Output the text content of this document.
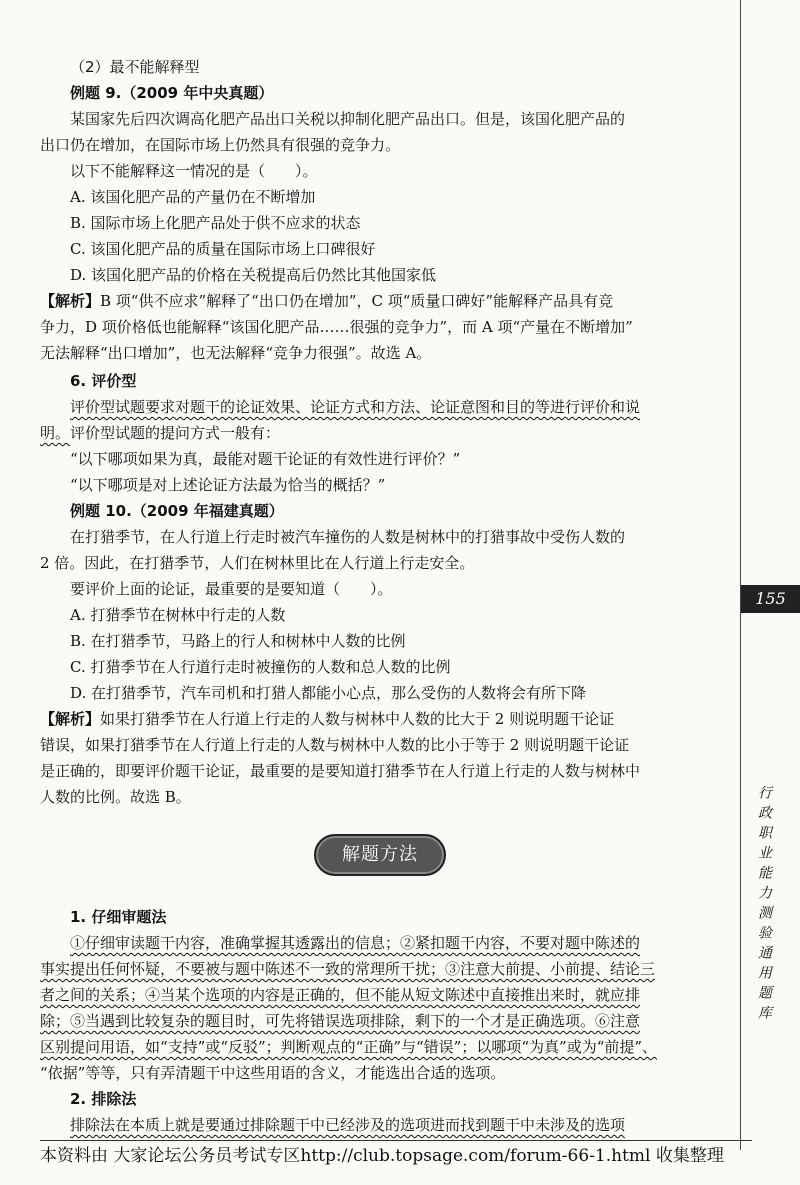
（2）最不能解释型

例题 9.（2009 年中央真题）

某国家先后四次调高化肥产品出口关税以抑制化肥产品出口。但是，该国化肥产品的

出口仍在增加，在国际市场上仍然具有很强的竞争力。

以下不能解释这一情况的是（　　）。

A. 该国化肥产品的产量仍在不断增加

B. 国际市场上化肥产品处于供不应求的状态

C. 该国化肥产品的质量在国际市场上口碑很好

D. 该国化肥产品的价格在关税提高后仍然比其他国家低

【解析】B 项“供不应求”解释了“出口仍在增加”，C 项“质量口碑好”能解释产品具有竞

争力，D 项价格低也能解释“该国化肥产品……很强的竞争力”，而 A 项“产量在不断增加”

无法解释“出口增加”，也无法解释“竞争力很强”。故选 A。

6. 评价型

评价型试题要求对题干的论证效果、论证方式和方法、论证意图和目的等进行评价和说

明。评价型试题的提问方式一般有：

“以下哪项如果为真，最能对题干论证的有效性进行评价？”

“以下哪项是对上述论证方法最为恰当的概括？”

例题 10.（2009 年福建真题）

在打猎季节，在人行道上行走时被汽车撞伤的人数是树林中的打猎事故中受伤人数的

2 倍。因此，在打猎季节，人们在树林里比在人行道上行走安全。

要评价上面的论证，最重要的是要知道（　　）。

A. 打猎季节在树林中行走的人数

B. 在打猎季节，马路上的行人和树林中人数的比例

C. 打猎季节在人行道行走时被撞伤的人数和总人数的比例

D. 在打猎季节，汽车司机和打猎人都能小心点，那么受伤的人数将会有所下降

【解析】如果打猎季节在人行道上行走的人数与树林中人数的比大于 2 则说明题干论证

错误，如果打猎季节在人行道上行走的人数与树林中人数的比小于等于 2 则说明题干论证

是正确的，即要评价题干论证，最重要的是要知道打猎季节在人行道上行走的人数与树林中

人数的比例。故选 B。

解题方法

1. 仔细审题法

①仔细审读题干内容，准确掌握其透露出的信息；②紧扣题干内容，不要对题中陈述的

事实提出任何怀疑，不要被与题中陈述不一致的常理所干扰；③注意大前提、小前提、结论三

者之间的关系；④当某个选项的内容是正确的，但不能从短文陈述中直接推出来时，就应排

除；⑤当遇到比较复杂的题目时，可先将错误选项排除，剩下的一个才是正确选项。⑥注意

区别提问用语，如“支持”或“反驳”；判断观点的“正确”与“错误”；以哪项“为真”或为“前提”、

“依据”等等，只有弄清题干中这些用语的含义，才能选出合适的选项。

2. 排除法

排除法在本质上就是要通过排除题干中已经涉及的选项进而找到题干中未涉及的选项

155
行政职业能力测验通用题库
本资料由 大家论坛公务员考试专区http://club.topsage.com/forum-66-1.html 收集整理
